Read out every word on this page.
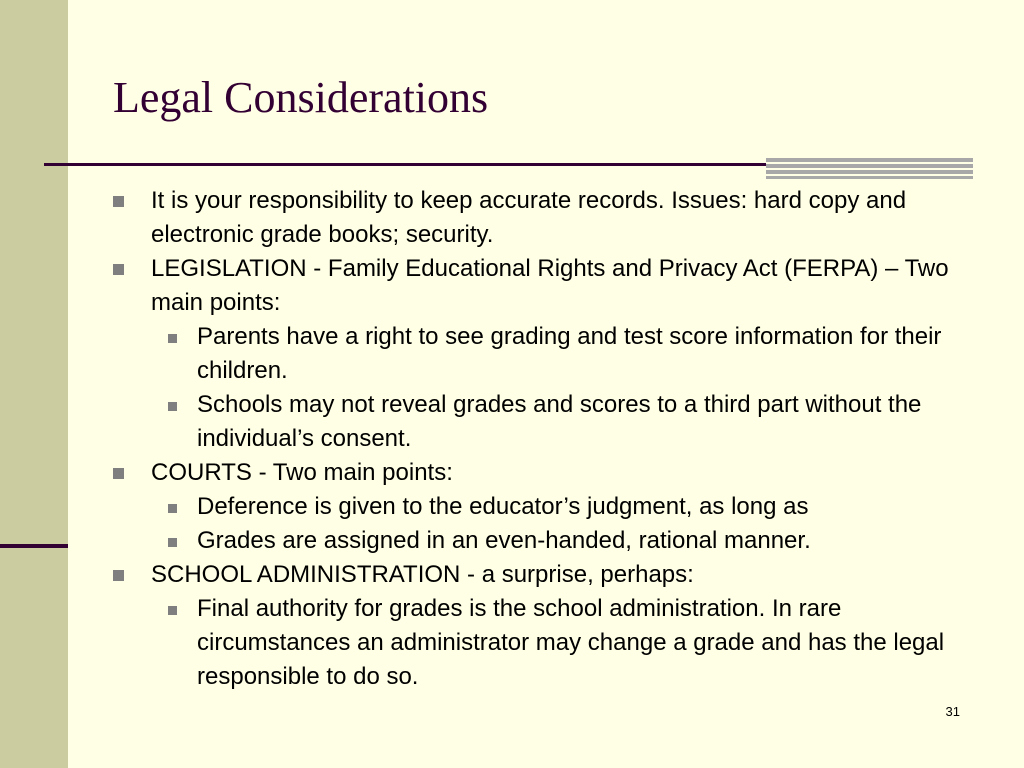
Legal Considerations
It is your responsibility to keep accurate records. Issues: hard copy and electronic grade books; security.
LEGISLATION - Family Educational Rights and Privacy Act (FERPA) – Two main points:
Parents have a right to see grading and test score information for their children.
Schools may not reveal grades and scores to a third part without the individual’s consent.
COURTS - Two main points:
Deference is given to the educator’s judgment, as long as
Grades are assigned in an even-handed, rational manner.
SCHOOL ADMINISTRATION - a surprise, perhaps:
Final authority for grades is the school administration. In rare circumstances an administrator may change a grade and has the legal responsible to do so.
31
